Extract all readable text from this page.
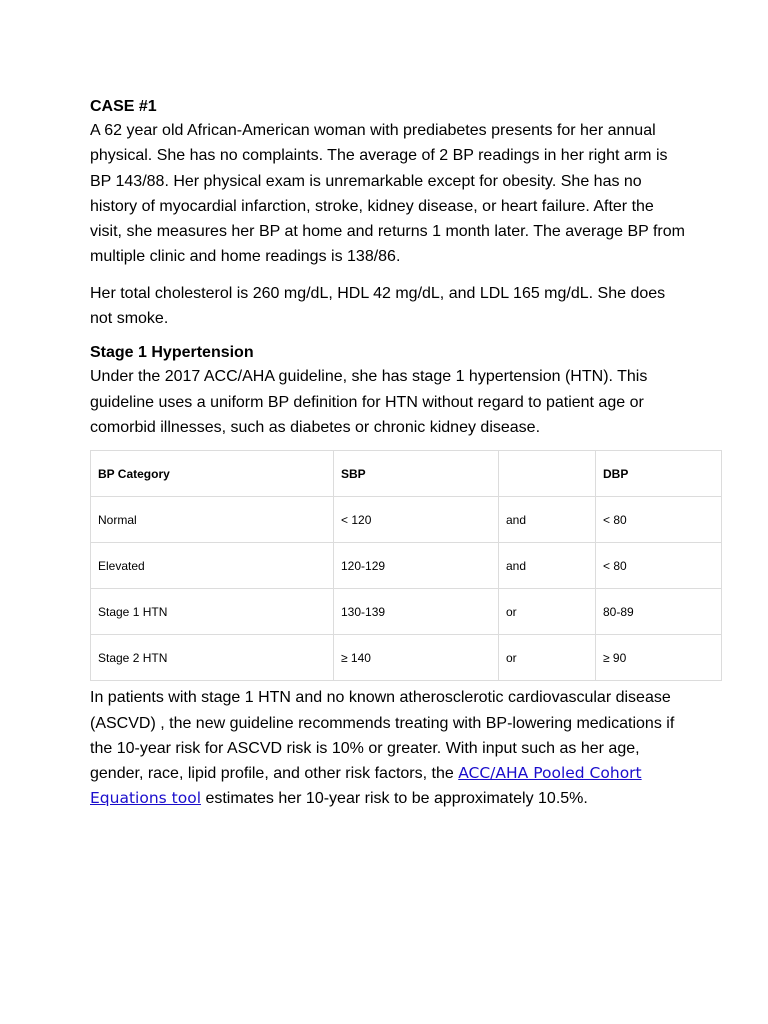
CASE #1

A 62 year old African-American woman with prediabetes presents for her annual physical. She has no complaints. The average of 2 BP readings in her right arm is BP 143/88. Her physical exam is unremarkable except for obesity. She has no history of myocardial infarction, stroke, kidney disease, or heart failure. After the visit, she measures her BP at home and returns 1 month later. The average BP from multiple clinic and home readings is 138/86.

Her total cholesterol is 260 mg/dL, HDL 42 mg/dL, and LDL 165 mg/dL. She does not smoke.

Stage 1 Hypertension

Under the 2017 ACC/AHA guideline, she has stage 1 hypertension (HTN). This guideline uses a uniform BP definition for HTN without regard to patient age or comorbid illnesses, such as diabetes or chronic kidney disease.

BP Category	SBP		DBP
Normal	< 120	and	< 80
Elevated	120-129	and	< 80
Stage 1 HTN	130-139	or	80-89
Stage 2 HTN	≥ 140	or	≥ 90

In patients with stage 1 HTN and no known atherosclerotic cardiovascular disease (ASCVD) , the new guideline recommends treating with BP-lowering medications if the 10-year risk for ASCVD risk is 10% or greater. With input such as her age, gender, race, lipid profile, and other risk factors, the ACC/AHA Pooled Cohort Equations tool estimates her 10-year risk to be approximately 10.5%.
